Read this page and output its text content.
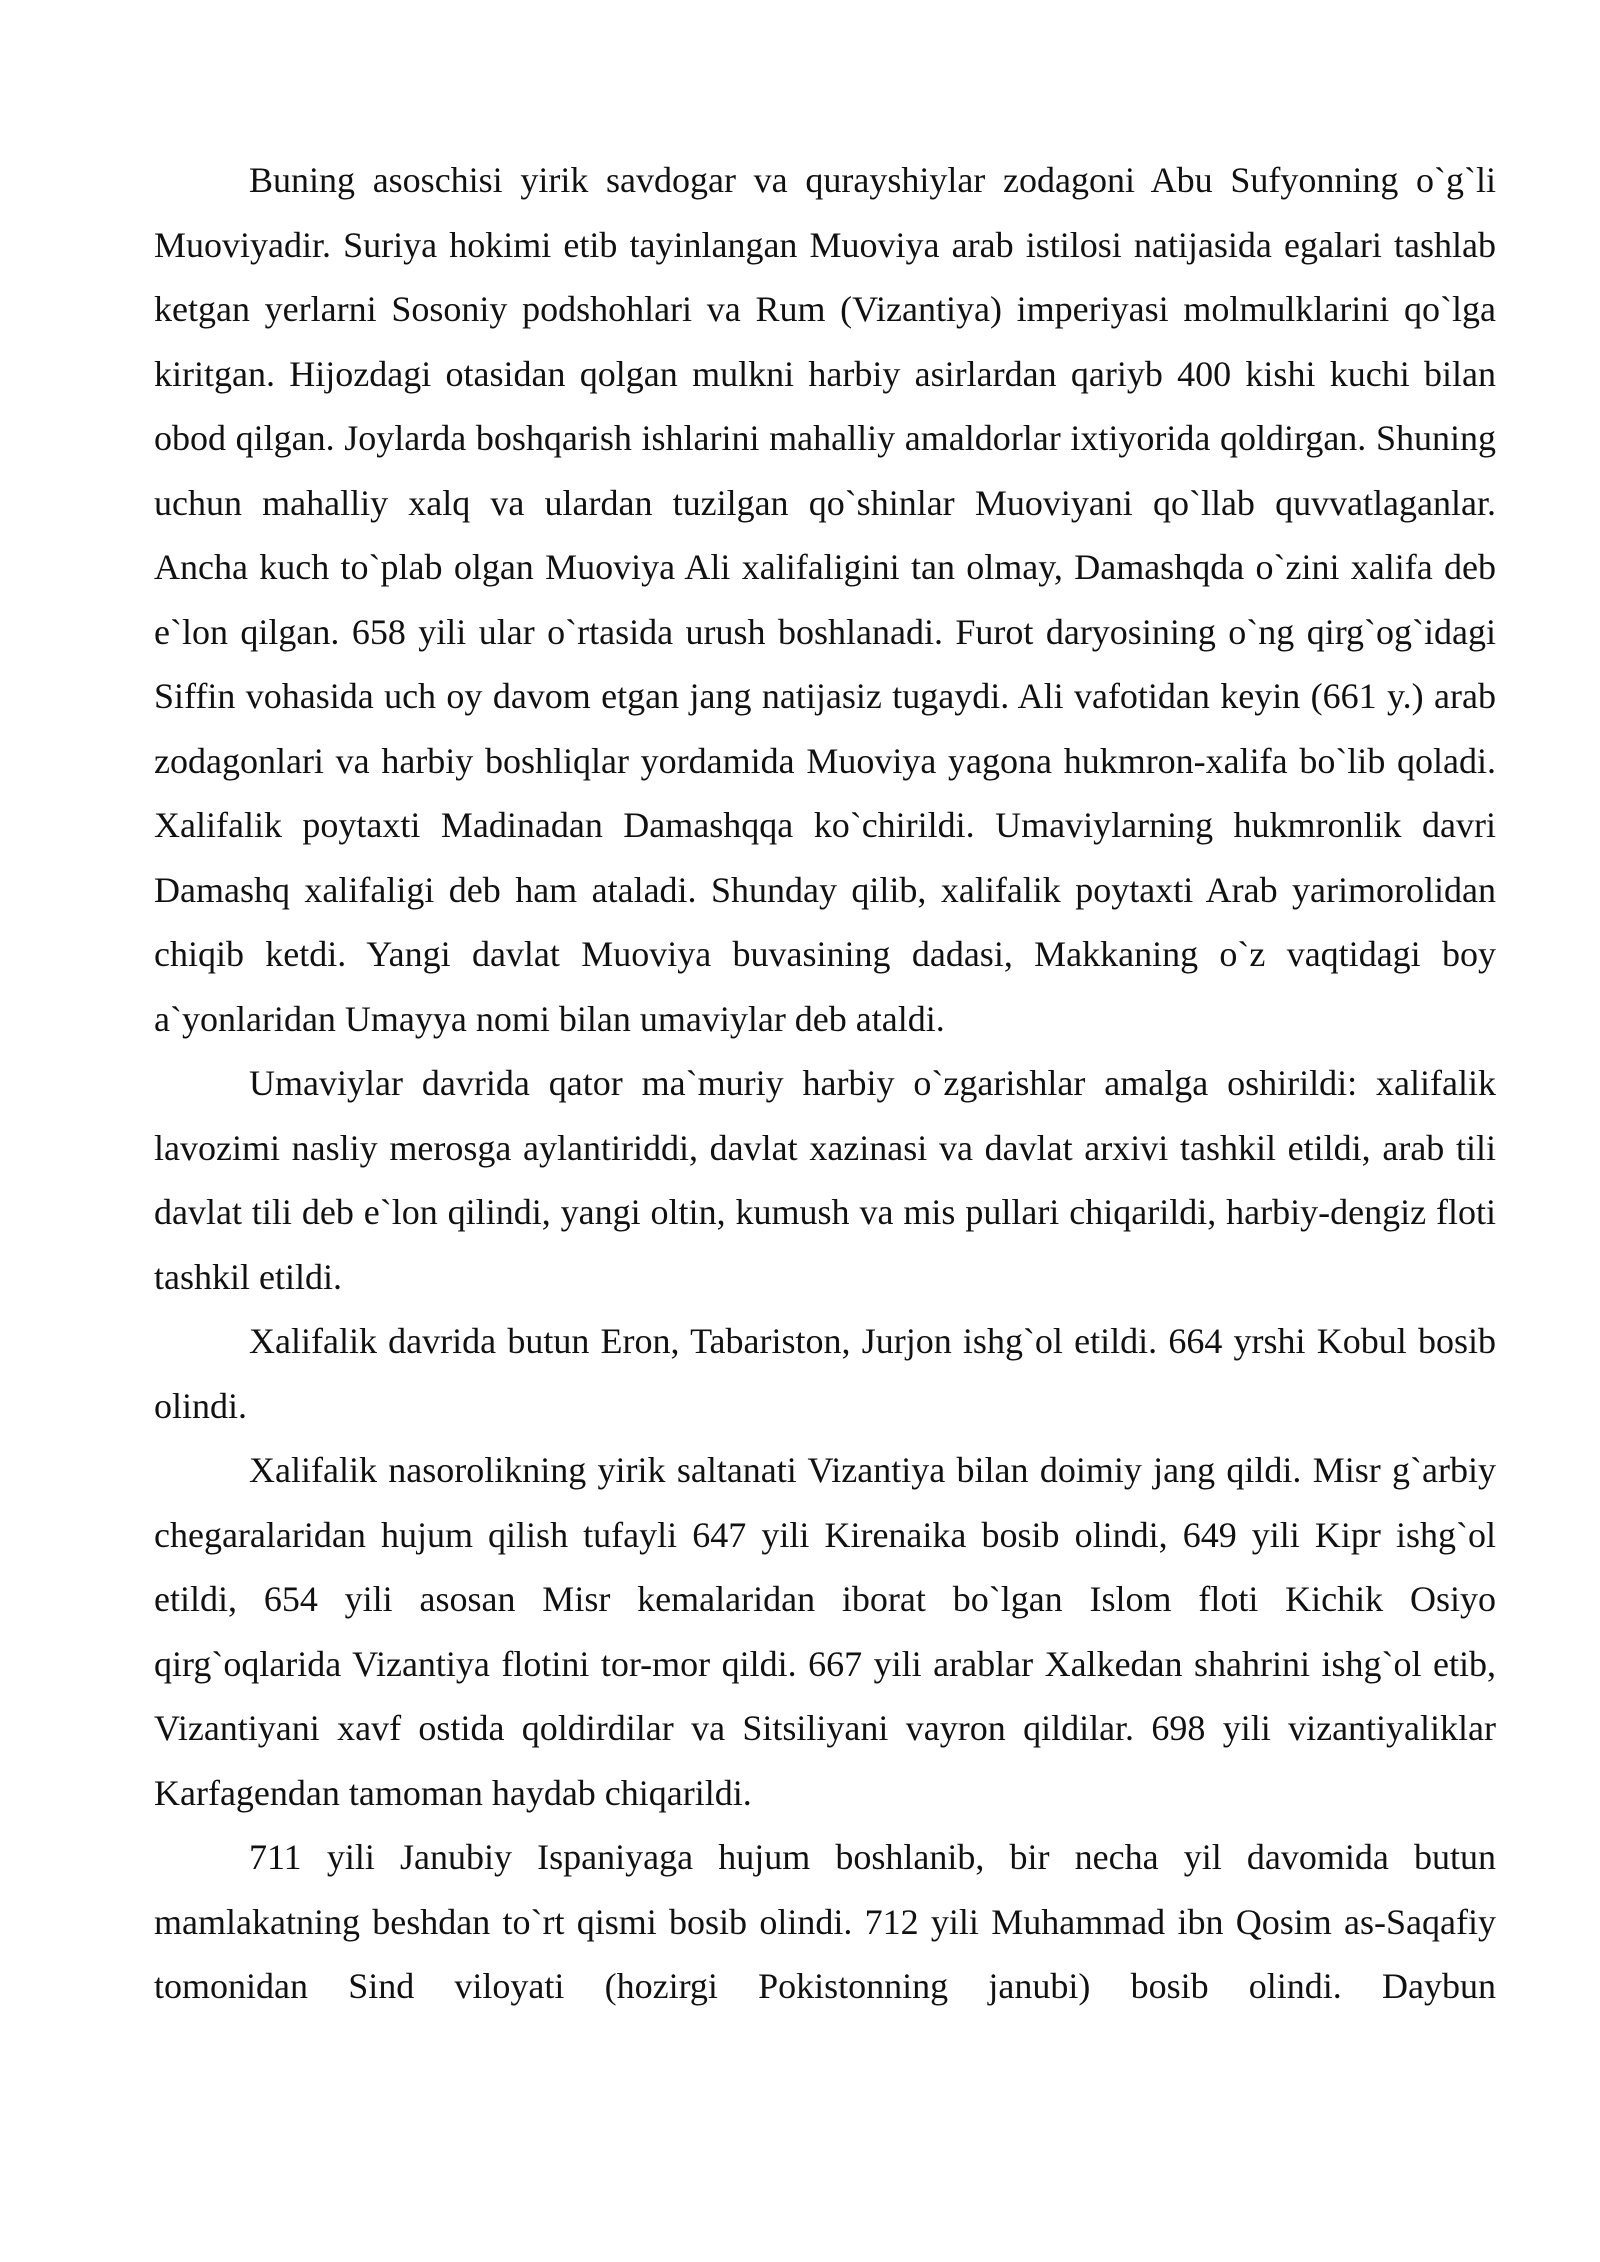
Buning asoschisi yirik savdogar va qurayshiylar zodagoni Abu Sufyonning o`g`li Muoviyadir. Suriya hokimi etib tayinlangan Muoviya arab istilosi natijasida egalari tashlab ketgan yerlarni Sosoniy podshohlari va Rum (Vizantiya) imperiyasi molmulklarini qo`lga kiritgan. Hijozdagi otasidan qolgan mulkni harbiy asirlardan qariyb 400 kishi kuchi bilan obod qilgan. Joylarda boshqarish ishlarini mahalliy amaldorlar ixtiyorida qoldirgan. Shuning uchun mahalliy xalq va ulardan tuzilgan qo`shinlar Muoviyani qo`llab quvvatlaganlar. Ancha kuch to`plab olgan Muoviya Ali xalifaligini tan olmay, Damashqda o`zini xalifa deb e`lon qilgan. 658 yili ular o`rtasida urush boshlanadi. Furot daryosining o`ng qirg`og`idagi Siffin vohasida uch oy davom etgan jang natijasiz tugaydi. Ali vafotidan keyin (661 y.) arab zodagonlari va harbiy boshliqlar yordamida Muoviya yagona hukmron-xalifa bo`lib qoladi. Xalifalik poytaxti Madinadan Damashqqa ko`chirildi. Umaviylarning hukmronlik davri Damashq xalifaligi deb ham ataladi. Shunday qilib, xalifalik poytaxti Arab yarimorolidan chiqib ketdi. Yangi davlat Muoviya buvasining dadasi, Makkaning o`z vaqtidagi boy a`yonlaridan Umayya nomi bilan umaviylar deb ataldi.

Umaviylar davrida qator ma`muriy harbiy o`zgarishlar amalga oshirildi: xalifalik lavozimi nasliy merosga aylantiriddi, davlat xazinasi va davlat arxivi tashkil etildi, arab tili davlat tili deb e`lon qilindi, yangi oltin, kumush va mis pullari chiqarildi, harbiy-dengiz floti tashkil etildi.

Xalifalik davrida butun Eron, Tabariston, Jurjon ishg`ol etildi. 664 yrshi Kobul bosib olindi.

Xalifalik nasorolikning yirik saltanati Vizantiya bilan doimiy jang qildi. Misr g`arbiy chegaralaridan hujum qilish tufayli 647 yili Kirenaika bosib olindi, 649 yili Kipr ishg`ol etildi, 654 yili asosan Misr kemalaridan iborat bo`lgan Islom floti Kichik Osiyo qirg`oqlarida Vizantiya flotini tor-mor qildi. 667 yili arablar Xalkedan shahrini ishg`ol etib, Vizantiyani xavf ostida qoldirdilar va Sitsiliyani vayron qildilar. 698 yili vizantiyaliklar Karfagendan tamoman haydab chiqarildi.

711 yili Janubiy Ispaniyaga hujum boshlanib, bir necha yil davomida butun mamlakatning beshdan to`rt qismi bosib olindi. 712 yili Muhammad ibn Qosim as-Saqafiy tomonidan Sind viloyati (hozirgi Pokistonning janubi) bosib olindi. Daybun
